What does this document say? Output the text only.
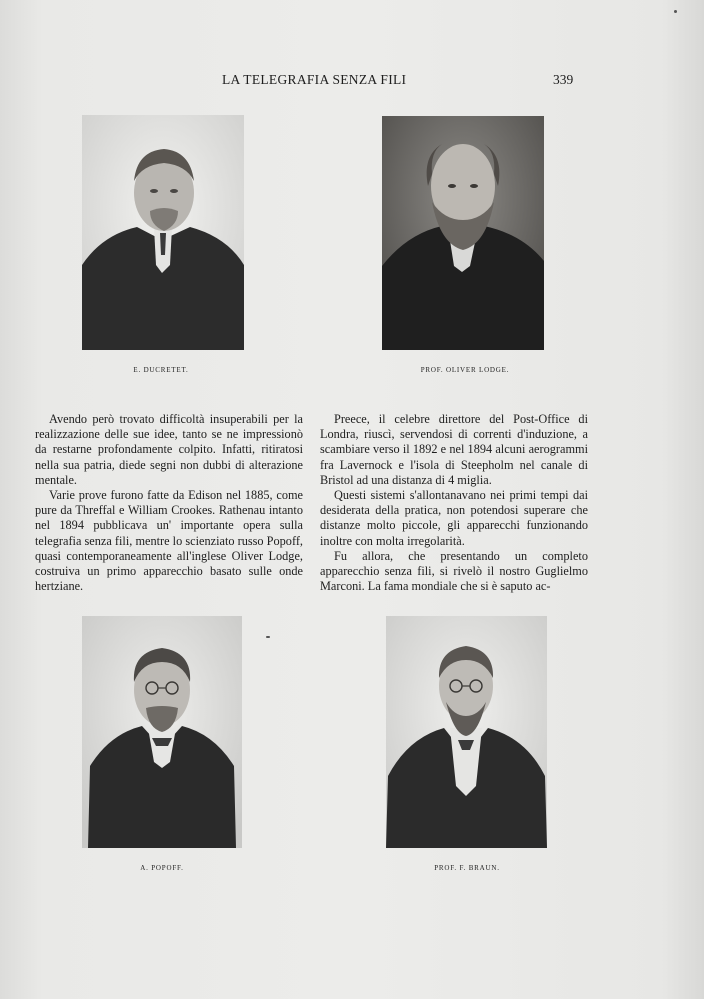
LA TELEGRAFIA SENZA FILI	339
E. DUCRETET.	PROF. OLIVER LODGE.

Avendo però trovato difficoltà insuperabili per la realizzazione delle sue idee, tanto se ne impressionò da restarne profondamente colpito. Infatti, ritiratosi nella sua patria, diede segni non dubbi di alterazione mentale.

Varie prove furono fatte da Edison nel 1885, come pure da Threffal e William Crookes. Rathenau intanto nel 1894 pubblicava un' importante opera sulla telegrafia senza fili, mentre lo scienziato russo Popoff, quasi contemporaneamente all'inglese Oliver Lodge, costruiva un primo apparecchio basato sulle onde hertziane.

Preece, il celebre direttore del Post-Office di Londra, riuscì, servendosi di correnti d'induzione, a scambiare verso il 1892 e nel 1894 alcuni aerogrammi fra Lavernock e l'isola di Steepholm nel canale di Bristol ad una distanza di 4 miglia.

Questi sistemi s'allontanavano nei primi tempi dai desiderata della pratica, non potendosi superare che distanze molto piccole, gli apparecchi funzionando inoltre con molta irregolarità.

Fu allora, che presentando un completo apparecchio senza fili, si rivelò il nostro Guglielmo Marconi. La fama mondiale che si è saputo ac-

A. POPOFF.	PROF. F. BRAUN.
